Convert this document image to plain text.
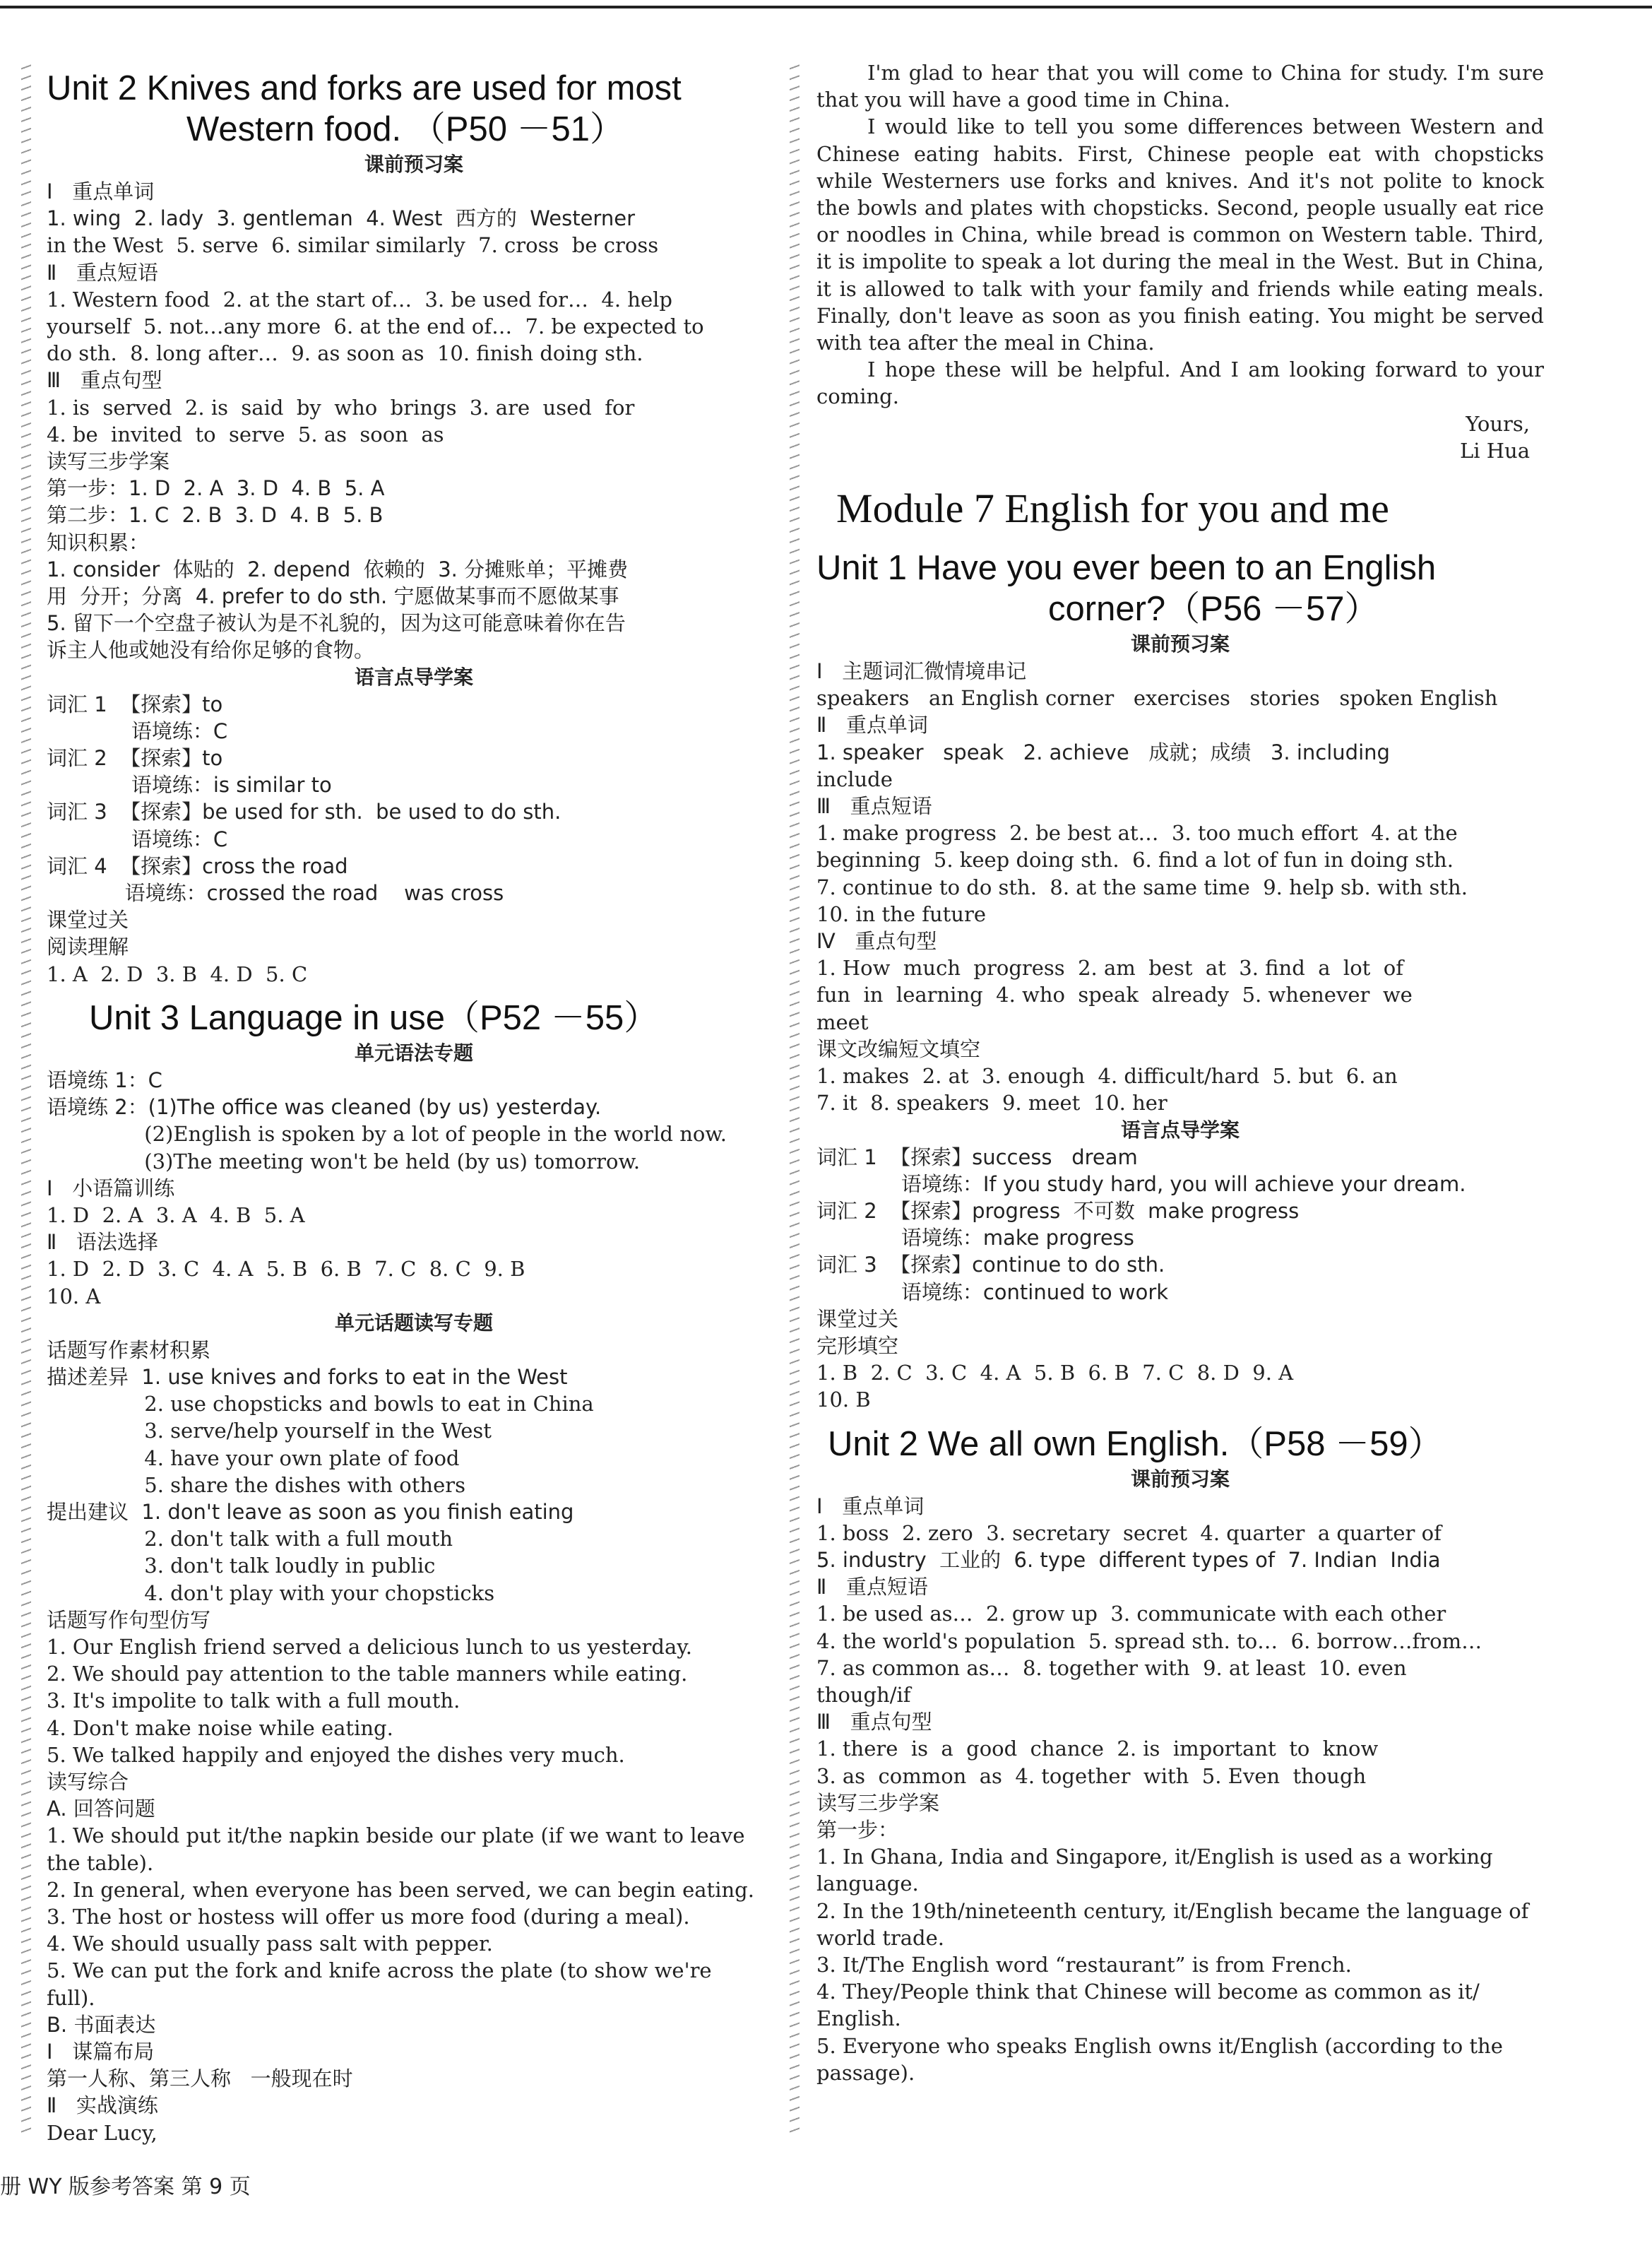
Unit 2 Knives and forks are used for most
Western food. （P50 －51）
课前预习案
Ⅰ   重点单词
1. wing  2. lady  3. gentleman  4. West  西方的  Westerner
in the West  5. serve  6. similar similarly  7. cross  be cross
Ⅱ   重点短语
1. Western food  2. at the start of…  3. be used for…  4. help
yourself  5. not…any more  6. at the end of…  7. be expected to
do sth.  8. long after…  9. as soon as  10. finish doing sth.
Ⅲ   重点句型
1. is  served  2. is  said  by  who  brings  3. are  used  for
4. be  invited  to  serve  5. as  soon  as
读写三步学案
第一步：1. D  2. A  3. D  4. B  5. A
第二步：1. C  2. B  3. D  4. B  5. B
知识积累：
1. consider  体贴的  2. depend  依赖的  3. 分摊账单；平摊费
用  分开；分离  4. prefer to do sth. 宁愿做某事而不愿做某事
5. 留下一个空盘子被认为是不礼貌的，因为这可能意味着你在告
诉主人他或她没有给你足够的食物。
语言点导学案
词汇 1  【探索】to
语境练：C
词汇 2  【探索】to
语境练：is similar to
词汇 3  【探索】be used for sth.  be used to do sth.
语境练：C
词汇 4  【探索】cross the road
语境练：crossed the road    was cross
课堂过关
阅读理解
1. A  2. D  3. B  4. D  5. C
Unit 3 Language in use（P52 －55）
单元语法专题
语境练 1：C
语境练 2：(1)The office was cleaned (by us) yesterday.
(2)English is spoken by a lot of people in the world now.
(3)The meeting won't be held (by us) tomorrow.
Ⅰ   小语篇训练
1. D  2. A  3. A  4. B  5. A
Ⅱ   语法选择
1. D  2. D  3. C  4. A  5. B  6. B  7. C  8. C  9. B
10. A
单元话题读写专题
话题写作素材积累
描述差异  1. use knives and forks to eat in the West
2. use chopsticks and bowls to eat in China
3. serve/help yourself in the West
4. have your own plate of food
5. share the dishes with others
提出建议  1. don't leave as soon as you finish eating
2. don't talk with a full mouth
3. don't talk loudly in public
4. don't play with your chopsticks
话题写作句型仿写
1. Our English friend served a delicious lunch to us yesterday.
2. We should pay attention to the table manners while eating.
3. It's impolite to talk with a full mouth.
4. Don't make noise while eating.
5. We talked happily and enjoyed the dishes very much.
读写综合
A. 回答问题
1. We should put it/the napkin beside our plate (if we want to leave
the table).
2. In general, when everyone has been served, we can begin eating.
3. The host or hostess will offer us more food (during a meal).
4. We should usually pass salt with pepper.
5. We can put the fork and knife across the plate (to show we're
full).
B. 书面表达
Ⅰ   谋篇布局
第一人称、第三人称   一般现在时
Ⅱ   实战演练
Dear Lucy,
I'm glad to hear that you will come to China for study. I'm sure that you will have a good time in China.
I would like to tell you some differences between Western and Chinese eating habits. First, Chinese people eat with chopsticks while Westerners use forks and knives. And it's not polite to knock the bowls and plates with chopsticks. Second, people usually eat rice or noodles in China, while bread is common on Western table. Third, it is impolite to speak a lot during the meal in the West. But in China, it is allowed to talk with your family and friends while eating meals. Finally, don't leave as soon as you finish eating. You might be served with tea after the meal in China.
I hope these will be helpful. And I am looking forward to your coming.
Yours,
Li Hua
Module 7 English for you and me
Unit 1 Have you ever been to an English
corner?（P56 －57）
课前预习案
Ⅰ   主题词汇微情境串记
speakers   an English corner   exercises   stories   spoken English
Ⅱ   重点单词
1. speaker   speak   2. achieve   成就；成绩   3. including
include
Ⅲ   重点短语
1. make progress  2. be best at…  3. too much effort  4. at the
beginning  5. keep doing sth.  6. find a lot of fun in doing sth.
7. continue to do sth.  8. at the same time  9. help sb. with sth.
10. in the future
Ⅳ   重点句型
1. How  much  progress  2. am  best  at  3. find  a  lot  of
fun  in  learning  4. who  speak  already  5. whenever  we
meet
课文改编短文填空
1. makes  2. at  3. enough  4. difficult/hard  5. but  6. an
7. it  8. speakers  9. meet  10. her
语言点导学案
词汇 1  【探索】success   dream
语境练：If you study hard, you will achieve your dream.
词汇 2  【探索】progress  不可数  make progress
语境练：make progress
词汇 3  【探索】continue to do sth.
语境练：continued to work
课堂过关
完形填空
1. B  2. C  3. C  4. A  5. B  6. B  7. C  8. D  9. A
10. B
Unit 2 We all own English.（P58 －59）
课前预习案
Ⅰ   重点单词
1. boss  2. zero  3. secretary  secret  4. quarter  a quarter of
5. industry  工业的  6. type  different types of  7. Indian  India
Ⅱ   重点短语
1. be used as…  2. grow up  3. communicate with each other
4. the world's population  5. spread sth. to…  6. borrow…from…
7. as common as…  8. together with  9. at least  10. even
though/if
Ⅲ   重点句型
1. there  is  a  good  chance  2. is  important  to  know
3. as  common  as  4. together  with  5. Even  though
读写三步学案
第一步：
1. In Ghana, India and Singapore, it/English is used as a working
language.
2. In the 19th/nineteenth century, it/English became the language of
world trade.
3. It/The English word “restaurant” is from French.
4. They/People think that Chinese will become as common as it/
English.
5. Everyone who speaks English owns it/English (according to the
passage).
册 WY 版参考答案 第 9 页
